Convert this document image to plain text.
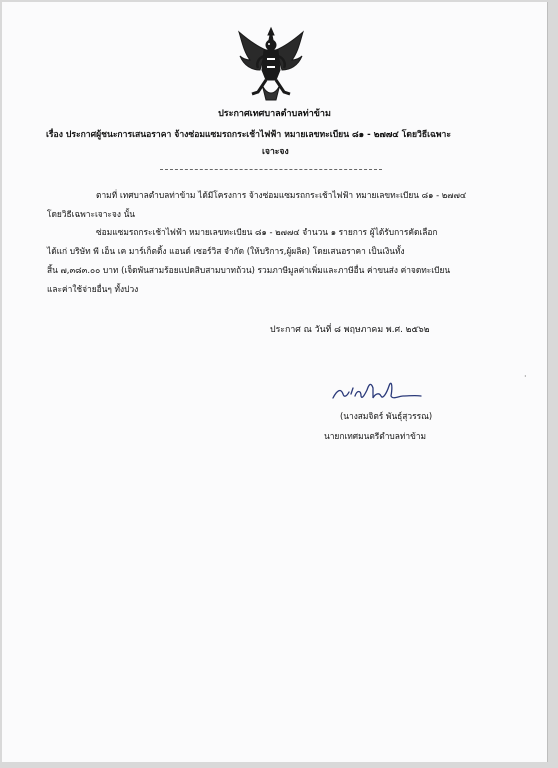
ประกาศเทศบาลตำบลท่าข้าม
เรื่อง ประกาศผู้ชนะการเสนอราคา จ้างซ่อมแซมรถกระเช้าไฟฟ้า หมายเลขทะเบียน ๘๑ - ๒๗๗๔ โดยวิธีเฉพาะ
เจาะจง
ตามที่ เทศบาลตำบลท่าข้าม ได้มีโครงการ จ้างซ่อมแซมรถกระเช้าไฟฟ้า หมายเลขทะเบียน ๘๑ - ๒๗๗๔
โดยวิธีเฉพาะเจาะจง นั้น
ซ่อมแซมรถกระเช้าไฟฟ้า หมายเลขทะเบียน ๘๑ - ๒๗๗๔ จำนวน ๑ รายการ ผู้ได้รับการคัดเลือก
ได้แก่ บริษัท พี เอ็น เค มาร์เก็ตติ้ง แอนด์ เซอร์วิส จำกัด (ให้บริการ,ผู้ผลิต) โดยเสนอราคา เป็นเงินทั้ง
สิ้น ๗,๓๘๓.๐๐ บาท (เจ็ดพันสามร้อยแปดสิบสามบาทถ้วน) รวมภาษีมูลค่าเพิ่มและภาษีอื่น ค่าขนส่ง ค่าจดทะเบียน
และค่าใช้จ่ายอื่นๆ ทั้งปวง
ประกาศ ณ วันที่ ๘ พฤษภาคม พ.ศ. ๒๕๖๒
(นางสมจิตร์ พันธุ์สุวรรณ)
นายกเทศมนตรีตำบลท่าข้าม
·
